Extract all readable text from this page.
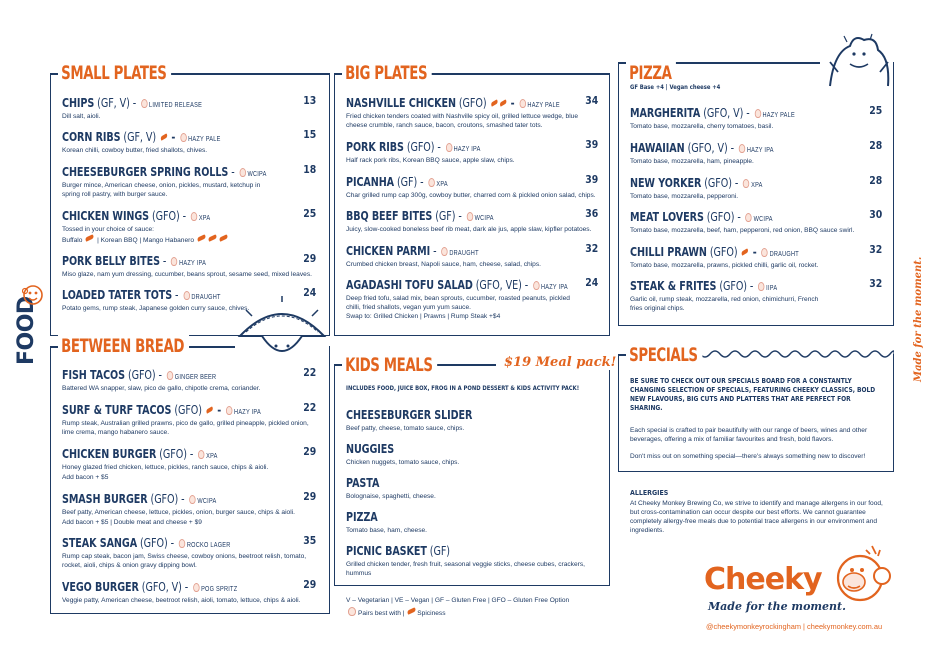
FOOD	Made for the moment.
SMALL PLATES
CHIPS (GF, V) - LIMITED RELEASE	13
Dill salt, aioli.
CORN RIBS (GF, V)  - HAZY PALE	15
Korean chilli, cowboy butter, fried shallots, chives.
CHEESEBURGER SPRING ROLLS - WCIPA	18
Burger mince, American cheese, onion, pickles, mustard, ketchup in spring roll pastry, with burger sauce.
CHICKEN WINGS (GFO) - XPA	25
Tossed in your choice of sauce:
Buffalo | Korean BBQ | Mango Habanero
PORK BELLY BITES - HAZY IPA	29
Miso glaze, nam yum dressing, cucumber, beans sprout, sesame seed, mixed leaves.
LOADED TATER TOTS - DRAUGHT	24
Potato gems, rump steak, Japanese golden curry sauce, chives.
BETWEEN BREAD
FISH TACOS (GFO) - GINGER BEER	22
Battered WA snapper, slaw, pico de gallo, chipotle crema, coriander.
SURF & TURF TACOS (GFO)  - HAZY IPA	22
Rump steak, Australian grilled prawns, pico de gallo, grilled pineapple, pickled onion, lime crema, mango habanero sauce.
CHICKEN BURGER (GFO) - XPA	29
Honey glazed fried chicken, lettuce, pickles, ranch sauce, chips & aioli.
Add bacon + $5
SMASH BURGER (GFO) - WCIPA	29
Beef patty, American cheese, lettuce, pickles, onion, burger sauce, chips & aioli.
Add bacon + $5 | Double meat and cheese + $9
STEAK SANGA (GFO) - ROCKO LAGER	35
Rump cap steak, bacon jam, Swiss cheese, cowboy onions, beetroot relish, tomato, rocket, aioli, chips & onion gravy dipping bowl.
VEGO BURGER (GFO, V) - POG SPRITZ	29
Veggie patty, American cheese, beetroot relish, aioli, tomato, lettuce, chips & aioli.
BIG PLATES
NASHVILLE CHICKEN (GFO)  - HAZY PALE 34
Fried chicken tenders coated with Nashville spicy oil, grilled lettuce wedge, blue cheese crumble, ranch sauce, bacon, croutons, smashed tater tots.
PORK RIBS (GFO) - HAZY IPA	39
Half rack pork ribs, Korean BBQ sauce, apple slaw, chips.
PICANHA (GF) - XPA	39
Char grilled rump cap 300g, cowboy butter, charred corn & pickled onion salad, chips.
BBQ BEEF BITES (GF) - WCIPA	36
Juicy, slow-cooked boneless beef rib meat, dark ale jus, apple slaw, kipfler potatoes.
CHICKEN PARMI - DRAUGHT	32
Crumbed chicken breast, Napoli sauce, ham, cheese, salad, chips.
AGADASHI TOFU SALAD (GFO, VE) - HAZY IPA 24
Deep fried tofu, salad mix, bean sprouts, cucumber, roasted peanuts, pickled chilli, fried shallots, vegan yum yum sauce.
Swap to: Grilled Chicken | Prawns | Rump Steak +$4
KIDS MEALS	$19 Meal pack!
INCLUDES FOOD, JUICE BOX, FROG IN A POND DESSERT & KIDS ACTIVITY PACK!
CHEESEBURGER SLIDER
Beef patty, cheese, tomato sauce, chips.
NUGGIES
Chicken nuggets, tomato sauce, chips.
PASTA
Bolognaise, spaghetti, cheese.
PIZZA
Tomato base, ham, cheese.
PICNIC BASKET (GF)
Grilled chicken tender, fresh fruit, seasonal veggie sticks, cheese cubes, crackers, hummus
V – Vegetarian | VE – Vegan | GF – Gluten Free | GFO – Gluten Free Option
Pairs best with | Spiciness
PIZZA
GF Base +4 | Vegan cheese +4
MARGHERITA (GFO, V) - HAZY PALE	25
Tomato base, mozzarella, cherry tomatoes, basil.
HAWAIIAN (GFO, V) - HAZY IPA	28
Tomato base, mozzarella, ham, pineapple.
NEW YORKER (GFO) - XPA	28
Tomato base, mozzarella, pepperoni.
MEAT LOVERS (GFO) - WCIPA	30
Tomato base, mozzarella, beef, ham, pepperoni, red onion, BBQ sauce swirl.
CHILLI PRAWN (GFO)  - DRAUGHT	32
Tomato base, mozzarella, prawns, pickled chilli, garlic oil, rocket.
STEAK & FRITES (GFO) - IIPA	32
Garlic oil, rump steak, mozzarella, red onion, chimichurri, French fries original chips.
SPECIALS
BE SURE TO CHECK OUT OUR SPECIALS BOARD FOR A CONSTANTLY CHANGING SELECTION OF SPECIALS, FEATURING CHEEKY CLASSICS, BOLD NEW FLAVOURS, BIG CUTS AND PLATTERS THAT ARE PERFECT FOR SHARING.
Each special is crafted to pair beautifully with our range of beers, wines and other beverages, offering a mix of familiar favourites and fresh, bold flavors.
Don't miss out on something special—there's always something new to discover!
ALLERGIES
At Cheeky Monkey Brewing Co, we strive to identify and manage allergens in our food, but cross-contamination can occur despite our best efforts. We cannot guarantee completely allergy-free meals due to potential trace allergens in our environment and ingredients.
Cheeky
Made for the moment.
@cheekymonkeyrockingham | cheekymonkey.com.au
